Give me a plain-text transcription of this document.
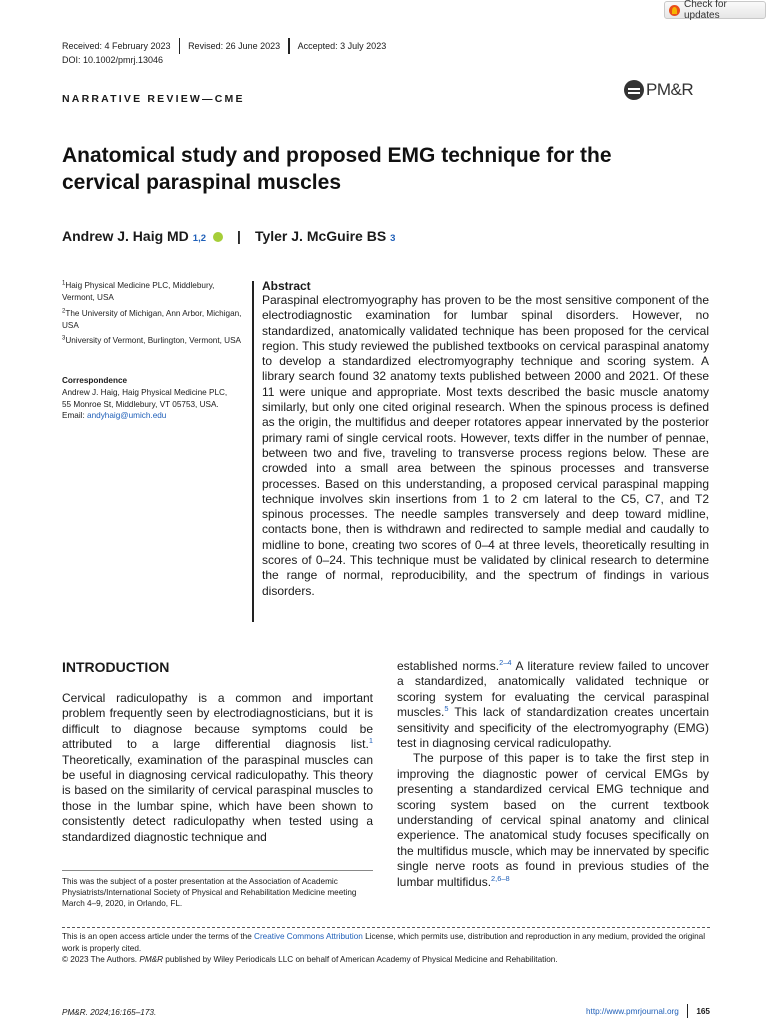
Check for updates
Received: 4 February 2023 Revised: 26 June 2023 Accepted: 3 July 2023
DOI: 10.1002/pmrj.13046
NARRATIVE REVIEW—CME	PM&R
Anatomical study and proposed EMG technique for the cervical paraspinal muscles
Andrew J. Haig MD 1,2 | Tyler J. McGuire BS 3
$^1$Haig Physical Medicine PLC, Middlebury, Vermont, USA
$^2$The University of Michigan, Ann Arbor, Michigan, USA
$^3$University of Vermont, Burlington, Vermont, USA
Correspondence
Andrew J. Haig, Haig Physical Medicine PLC,
55 Monroe St, Middlebury, VT 05753, USA.
Email: andyhaig@umich.edu
Abstract
Paraspinal electromyography has proven to be the most sensitive component of the electrodiagnostic examination for lumbar spinal disorders. However, no standardized, anatomically validated technique has been proposed for the cervical region. This study reviewed the published textbooks on cervical paraspinal anatomy to develop a standardized electromyography technique and scoring system. A library search found 32 anatomy texts published between 2000 and 2021. Of these 11 were unique and appropriate. Most texts described the basic muscle anatomy similarly, but only one cited original research. When the spinous process is defined as the origin, the multifidus and deeper rotatores appear innervated by the posterior primary rami of single cervical roots. However, texts differ in the number of pennae, between two and five, traveling to transverse process regions below. These are crowded into a small area between the spinous processes and transverse processes. Based on this understanding, a proposed cervical paraspinal mapping technique involves skin insertions from 1 to 2 cm lateral to the C5, C7, and T2 spinous processes. The needle samples transversely and deep toward midline, contacts bone, then is withdrawn and redirected to sample medial and caudally to midline to bone, creating two scores of 0–4 at three levels, theoretically resulting in scores of 0–24. This technique must be validated by clinical research to determine the range of normal, reproducibility, and the spectrum of findings in various disorders.
INTRODUCTION

Cervical radiculopathy is a common and important problem frequently seen by electrodiagnosticians, but it is difficult to diagnose because symptoms could be attributed to a large differential diagnosis list.$^1$ Theoretically, examination of the paraspinal muscles can be useful in diagnosing cervical radiculopathy. This theory is based on the similarity of cervical paraspinal muscles to those in the lumbar spine, which have been shown to consistently detect radiculopathy when tested using a standardized diagnostic technique and

established norms.$^{2-4}$ A literature review failed to uncover a standardized, anatomically validated technique or scoring system for evaluating the cervical paraspinal muscles.$^5$ This lack of standardization creates uncertain sensitivity and specificity of the electromyography (EMG) test in diagnosing cervical radiculopathy.

The purpose of this paper is to take the first step in improving the diagnostic power of cervical EMGs by presenting a standardized cervical EMG technique and scoring system based on the current textbook understanding of cervical spinal anatomy and clinical experience. The anatomical study focuses specifically on the multifidus muscle, which may be innervated by specific single nerve roots as found in previous studies of the lumbar multifidus.$^{2,6-8}$

This was the subject of a poster presentation at the Association of Academic Physiatrists/International Society of Physical and Rehabilitation Medicine meeting March 4–9, 2020, in Orlando, FL.
This is an open access article under the terms of the Creative Commons Attribution License, which permits use, distribution and reproduction in any medium, provided the original work is properly cited.
© 2023 The Authors. PM&R published by Wiley Periodicals LLC on behalf of American Academy of Physical Medicine and Rehabilitation.
PM&R. 2024;16:165–173.	http://www.pmrjournal.org 165
